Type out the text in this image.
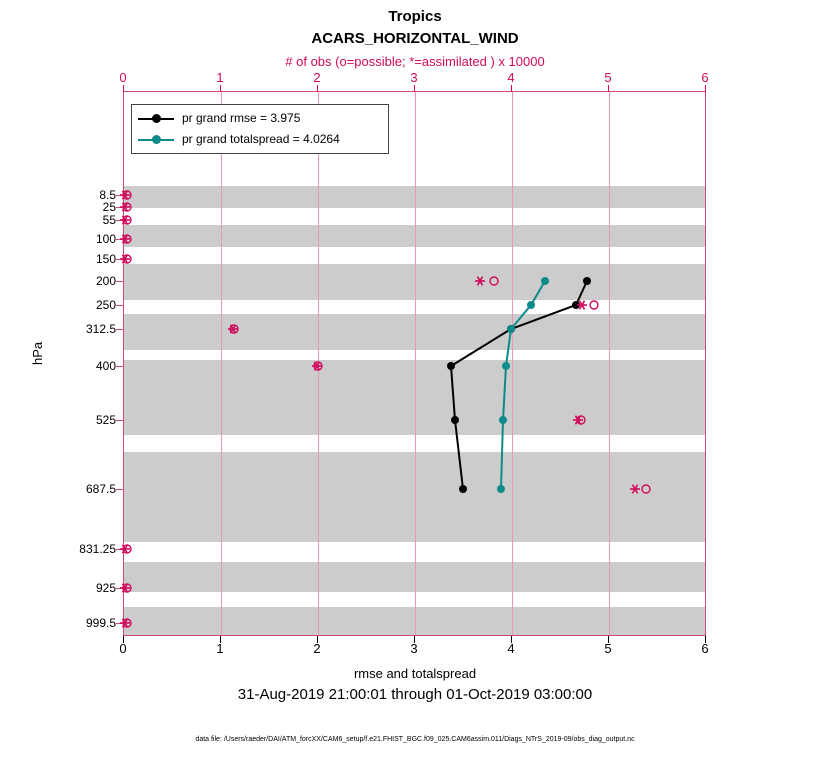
Tropics
ACARS_HORIZONTAL_WIND
# of obs (o=possible; *=assimilated ) x 10000
0	1	2	3	4	5	6
0	1	2	3	4	5	6
8.5
25
55
100
150
200
250
312.5
400
525
687.5
831.25
925
999.5
hPa
rmse and totalspread
31-Aug-2019 21:00:01 through 01-Oct-2019 03:00:00
data file: /Users/raeder/DAI/ATM_forcXX/CAM6_setup/f.e21.FHIST_BGC.f09_025.CAM6assim.011/Diags_NTrS_2019-09/obs_diag_output.nc
pr grand rmse = 3.975
pr grand totalspread = 4.0264
